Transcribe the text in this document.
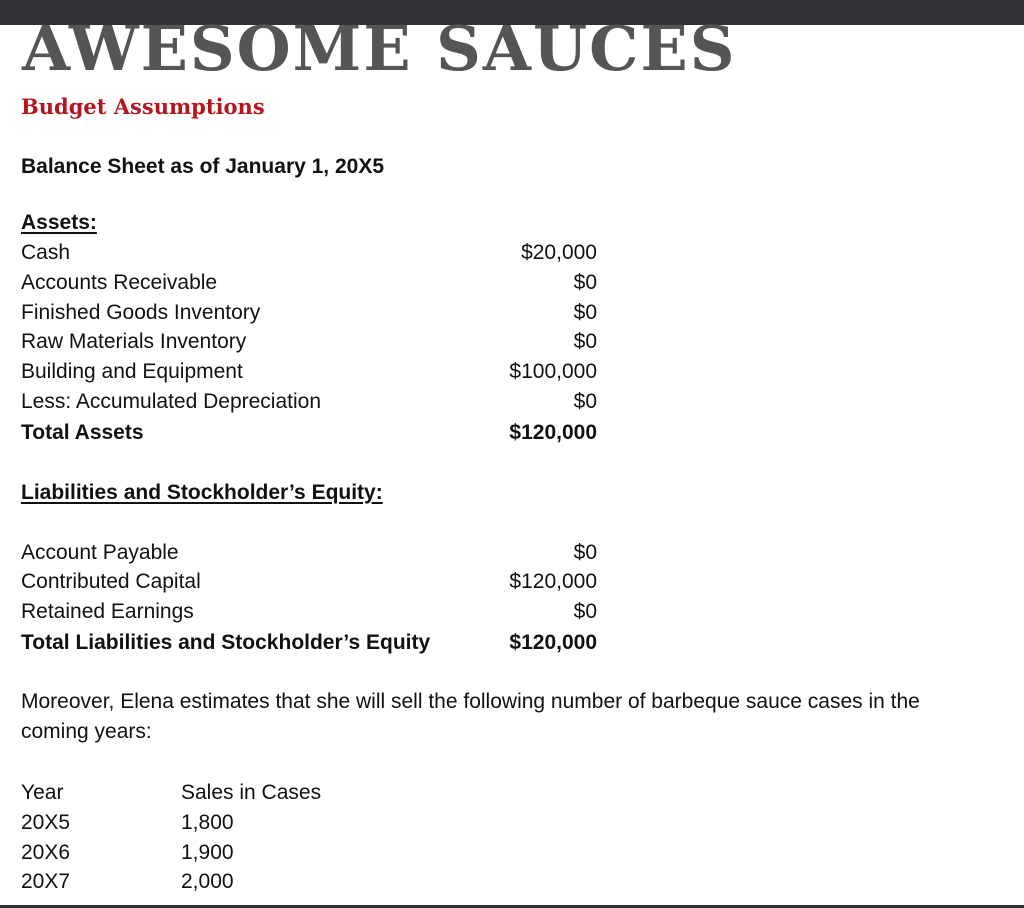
AWESOME SAUCES
Budget Assumptions
Balance Sheet as of January 1, 20X5
Assets:
Cash	$20,000
Accounts Receivable	$0
Finished Goods Inventory	$0
Raw Materials Inventory	$0
Building and Equipment	$100,000
Less: Accumulated Depreciation	$0
Total Assets	$120,000
Liabilities and Stockholder’s Equity:
Account Payable	$0
Contributed Capital	$120,000
Retained Earnings	$0
Total Liabilities and Stockholder’s Equity	$120,000

Moreover, Elena estimates that she will sell the following number of barbeque sauce cases in the coming years:

Year	Sales in Cases
20X5	1,800
20X6	1,900
20X7	2,000
